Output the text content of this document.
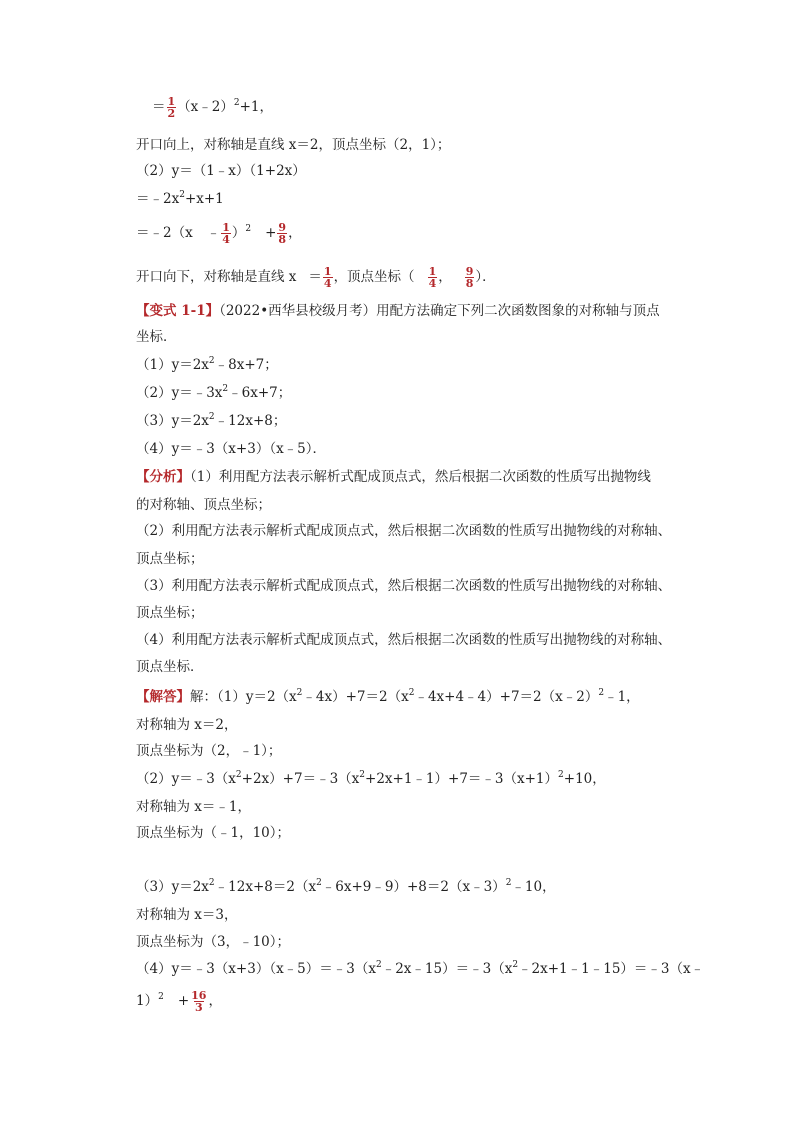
＝ $\frac{1}{2}$ （x﹣2）$^2$+1，
开口向上，对称轴是直线 x＝2，顶点坐标（2，1）；
（2）y＝（1﹣x）（1+2x）
$=﹣2x^2+x+1$
＝﹣2（x ﹣ $\frac{1}{4} )^2 + \frac{9}{8}$ ，
开口向下，对称轴是直线 $x = \frac{1}{4}$ ，顶点坐标（ $\frac{1}{4}$ ， $\frac{9}{8}$ ）．
【变式 1-1】（2022•西华县校级月考）用配方法确定下列二次函数图象的对称轴与顶点
坐标．
$(1)y=2x^2﹣8x+7$；
$(2)y=﹣3x^2﹣6x+7$；
$(3)y=2x^2﹣12x+8$；
（4）y＝﹣3（x+3）（x﹣5）．
【分析】（1）利用配方法表示解析式配成顶点式，然后根据二次函数的性质写出抛物线
的对称轴、顶点坐标；
（2）利用配方法表示解析式配成顶点式，然后根据二次函数的性质写出抛物线的对称轴、
顶点坐标；
（3）利用配方法表示解析式配成顶点式，然后根据二次函数的性质写出抛物线的对称轴、
顶点坐标；
（4）利用配方法表示解析式配成顶点式，然后根据二次函数的性质写出抛物线的对称轴、
顶点坐标．
【解答】解：$(1)y=2(x^2﹣4x)+7=2(x^2﹣4x+4﹣4)+7=2(x﹣2)^2﹣1$，
对称轴为 x＝2，
顶点坐标为（2，﹣1）；
$(2)y=﹣3(x^2+2x)+7=﹣3(x^2+2x+1﹣1)+7=﹣3(x+1)^2+10$，
对称轴为 x＝﹣1，
顶点坐标为（﹣1，10）；
$(3)y=2x^2﹣12x+8=2(x^2﹣6x+9﹣9)+8=2(x﹣3)^2﹣10$，
对称轴为 x＝3，
顶点坐标为（3，﹣10）；
$(4)y=﹣3(x+3)(x﹣5)=﹣3(x^2﹣2x﹣15)=﹣3(x^2﹣2x+1﹣1﹣15)=﹣3(x﹣$
$1)^2 + \frac{16}{3}$ ，
